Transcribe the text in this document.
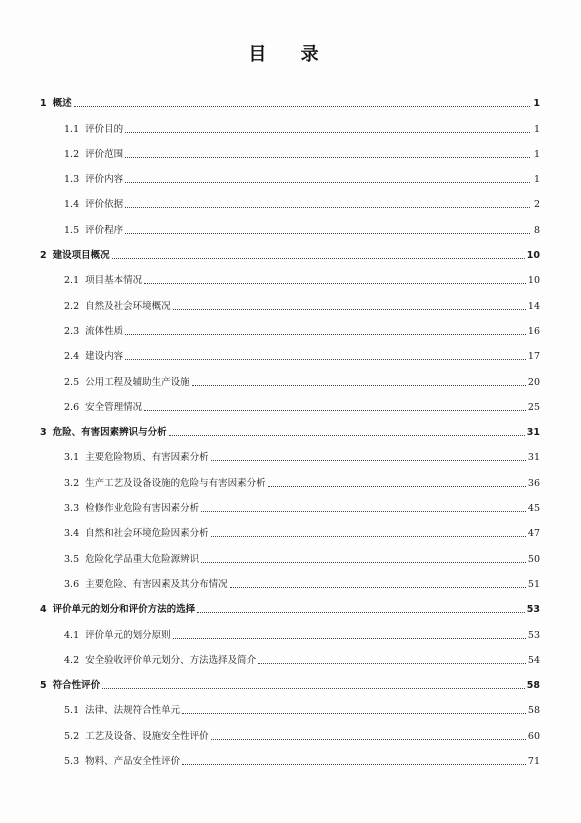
目 录
1 概述	1
1.1 评价目的	1
1.2 评价范围	1
1.3 评价内容	1
1.4 评价依据	2
1.5 评价程序	8
2 建设项目概况	10
2.1 项目基本情况	10
2.2 自然及社会环境概况	14
2.3 流体性质	16
2.4 建设内容	17
2.5 公用工程及辅助生产设施	20
2.6 安全管理情况	25
3 危险、有害因素辨识与分析	31
3.1 主要危险物质、有害因素分析	31
3.2 生产工艺及设备设施的危险与有害因素分析	36
3.3 检修作业危险有害因素分析	45
3.4 自然和社会环境危险因素分析	47
3.5 危险化学品重大危险源辨识	50
3.6 主要危险、有害因素及其分布情况	51
4 评价单元的划分和评价方法的选择	53
4.1 评价单元的划分原则	53
4.2 安全验收评价单元划分、方法选择及简介	54
5 符合性评价	58
5.1 法律、法规符合性单元	58
5.2 工艺及设备、设施安全性评价	60
5.3 物料、产品安全性评价	71
